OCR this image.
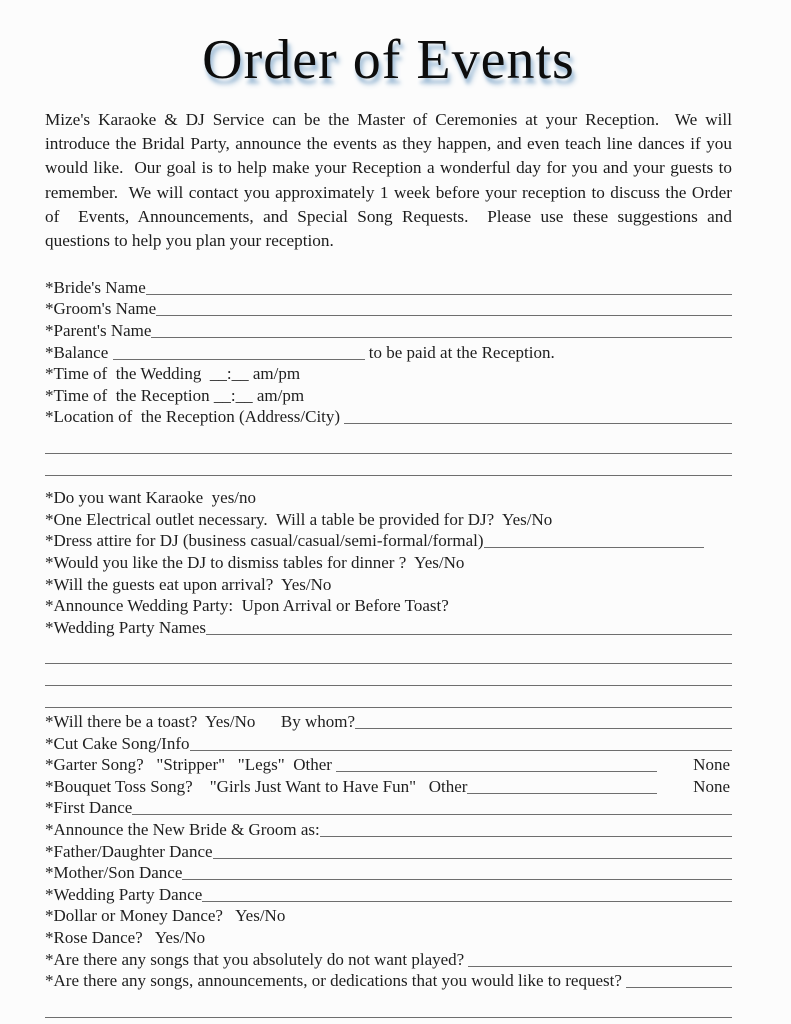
Order of Events

Mize's Karaoke & DJ Service can be the Master of Ceremonies at your Reception.  We will introduce the Bridal Party, announce the events as they happen, and even teach line dances if you would like.  Our goal is to help make your Reception a wonderful day for you and your guests to remember.  We will contact you approximately 1 week before your reception to discuss the Order of  Events, Announcements, and Special Song Requests.  Please use these suggestions and questions to help you plan your reception.

*Bride's Name
*Groom's Name
*Parent's Name
*Balance	to be paid at the Reception.
*Time of  the Wedding  __:__ am/pm
*Time of  the Reception __:__ am/pm
*Location of  the Reception (Address/City)
*Do you want Karaoke  yes/no
*One Electrical outlet necessary.  Will a table be provided for DJ?  Yes/No
*Dress attire for DJ (business casual/casual/semi-formal/formal)
*Would you like the DJ to dismiss tables for dinner ?  Yes/No
*Will the guests eat upon arrival?  Yes/No
*Announce Wedding Party:  Upon Arrival or Before Toast?
*Wedding Party Names
*Will there be a toast?  Yes/No      By whom?
*Cut Cake Song/Info
*Garter Song?   "Stripper"   "Legs"  Other	None
*Bouquet Toss Song?    "Girls Just Want to Have Fun"   Other	None
*First Dance
*Announce the New Bride & Groom as:
*Father/Daughter Dance
*Mother/Son Dance
*Wedding Party Dance
*Dollar or Money Dance?   Yes/No
*Rose Dance?   Yes/No
*Are there any songs that you absolutely do not want played?
*Are there any songs, announcements, or dedications that you would like to request?
